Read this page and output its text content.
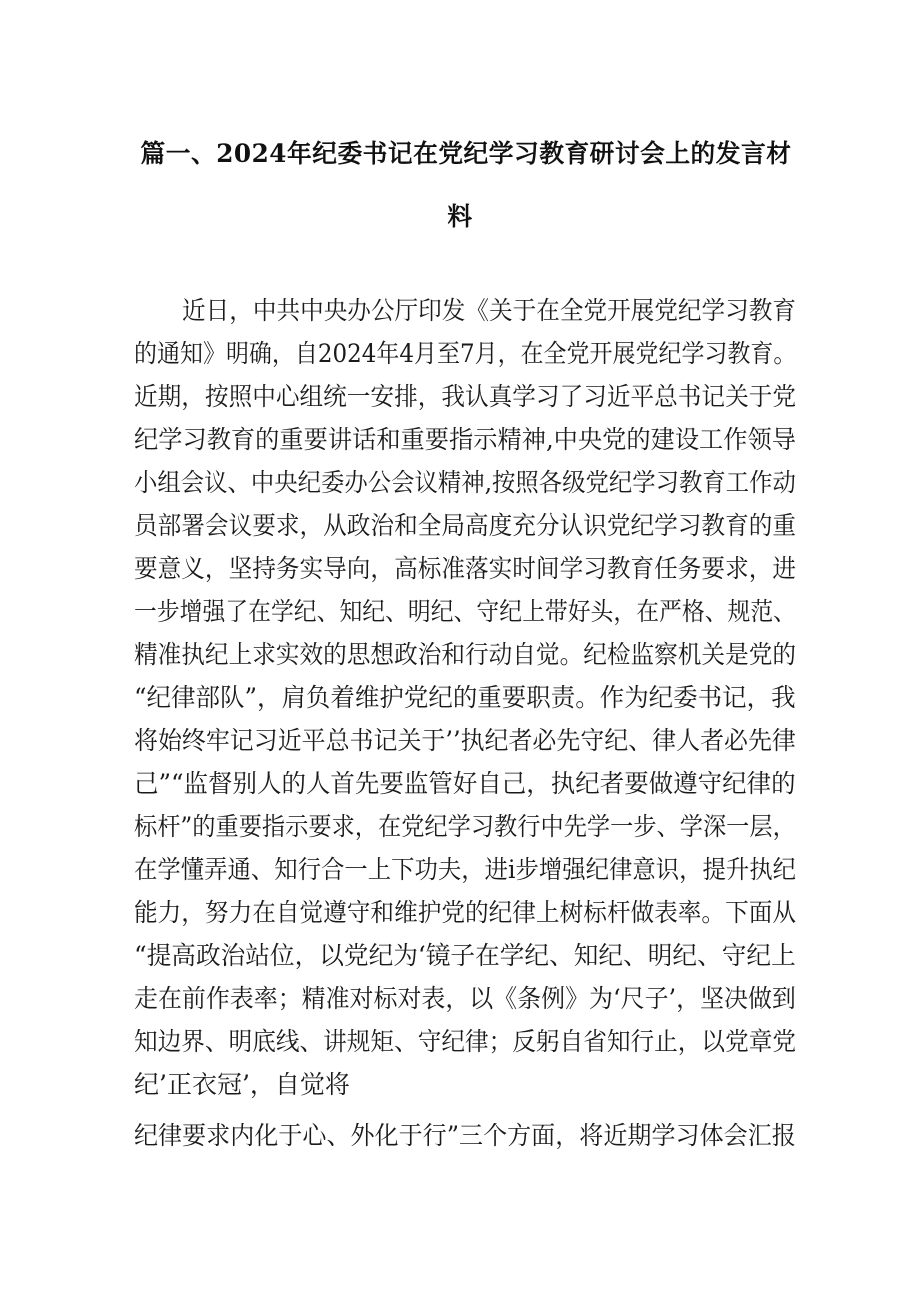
篇一、2024年纪委书记在党纪学习教育研讨会上的发言材
料
近日，中共中央办公厅印发《关于在全党开展党纪学习教育
的通知》明确，自2024年4月至7月，在全党开展党纪学习教育。
近期，按照中心组统一安排，我认真学习了习近平总书记关于党
纪学习教育的重要讲话和重要指示精神,中央党的建设工作领导
小组会议、中央纪委办公会议精神,按照各级党纪学习教育工作动
员部署会议要求，从政治和全局高度充分认识党纪学习教育的重
要意义，坚持务实导向，高标准落实时间学习教育任务要求，进
一步增强了在学纪、知纪、明纪、守纪上带好头，在严格、规范、
精准执纪上求实效的思想政治和行动自觉。纪检监察机关是党的
“纪律部队”，肩负着维护党纪的重要职责。作为纪委书记，我
将始终牢记习近平总书记关于’’执纪者必先守纪、律人者必先律
己”“监督别人的人首先要监管好自己，执纪者要做遵守纪律的
标杆”的重要指示要求，在党纪学习教行中先学一步、学深一层，
在学懂弄通、知行合一上下功夫，进i步增强纪律意识，提升执纪
能力，努力在自觉遵守和维护党的纪律上树标杆做表率。下面从
“提高政治站位，以党纪为‘镜子在学纪、知纪、明纪、守纪上
走在前作表率；精准对标对表，以《条例》为‘尺子’，坚决做到
知边界、明底线、讲规矩、守纪律；反躬自省知行止，以党章党
纪’正衣冠’，自觉将
纪律要求内化于心、外化于行”三个方面，将近期学习体会汇报
